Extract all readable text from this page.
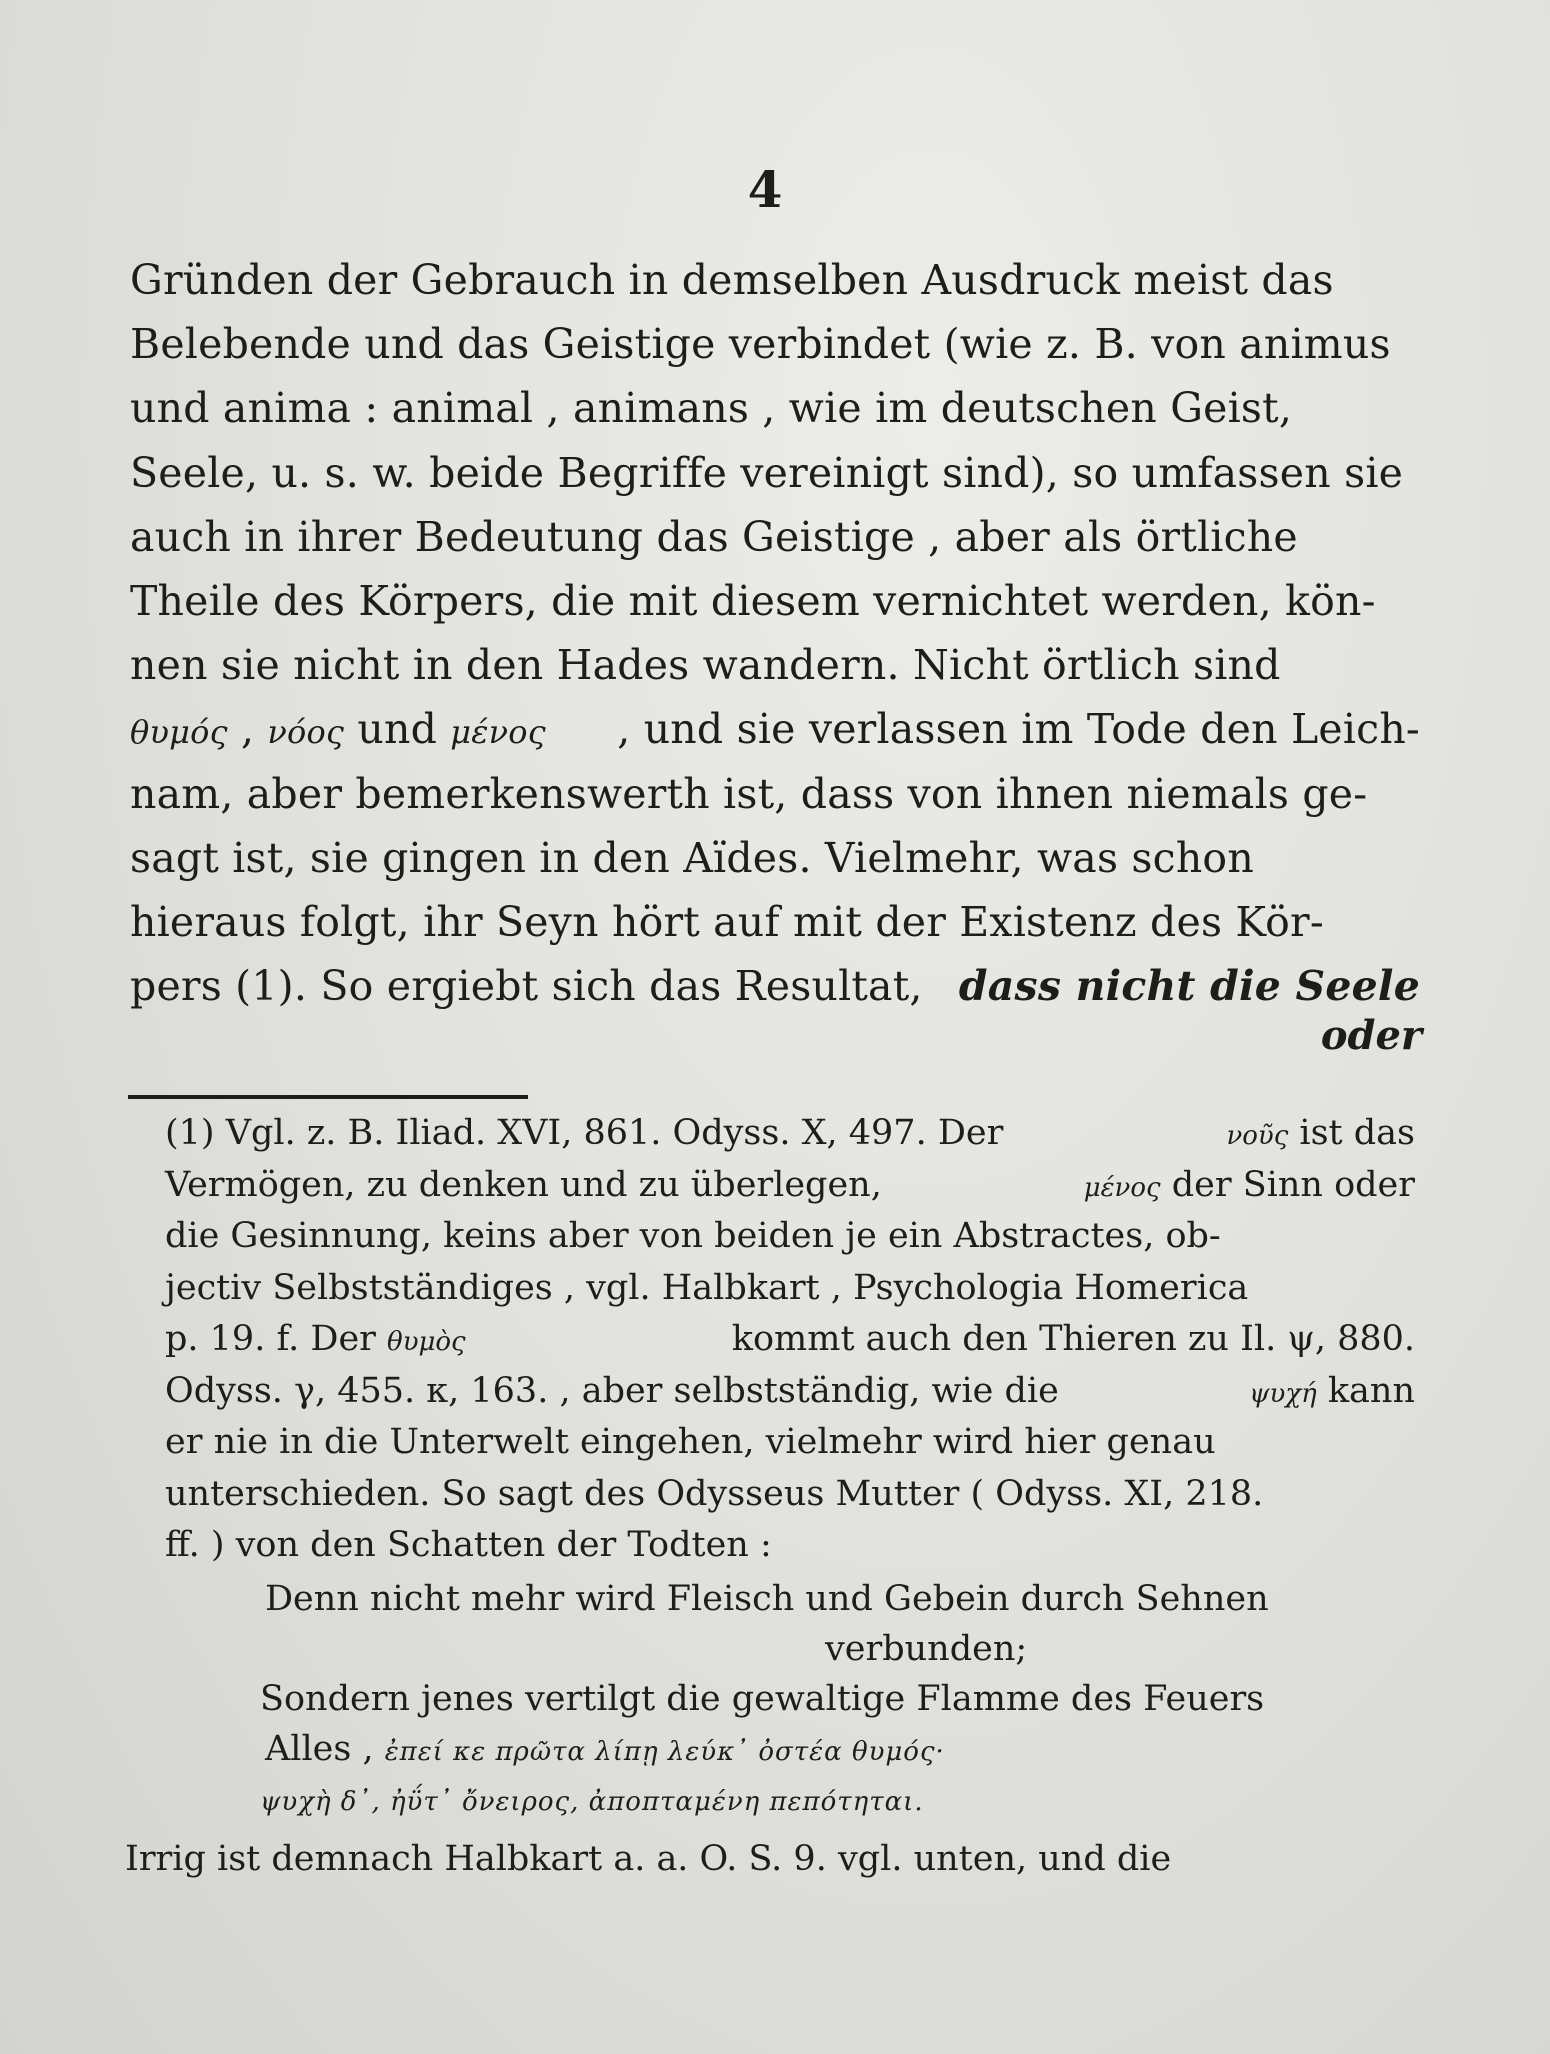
4
Gründen der Gebrauch in demselben Ausdruck meist das
Belebende und das Geistige verbindet (wie z. B. von animus
und anima : animal , animans , wie im deutschen Geist,
Seele, u. s. w. beide Begriffe vereinigt sind), so umfassen sie
auch in ihrer Bedeutung das Geistige , aber als örtliche
Theile des Körpers, die mit diesem vernichtet werden, kön-
nen sie nicht in den Hades wandern. Nicht örtlich sind
θυμός , νόος und μένος , und sie verlassen im Tode den Leich-
nam, aber bemerkenswerth ist, dass von ihnen niemals ge-
sagt ist, sie gingen in den Aïdes. Vielmehr, was schon
hieraus folgt, ihr Seyn hört auf mit der Existenz des Kör-
pers (1). So ergiebt sich das Resultat, dass nicht die Seele
oder
(1) Vgl. z. B. Iliad. XVI, 861. Odyss. X, 497. Der	νοῦς ist das
Vermögen, zu denken und zu überlegen,	μένος der Sinn oder
die Gesinnung, keins aber von beiden je ein Abstractes, ob-
jectiv Selbstständiges , vgl. Halbkart , Psychologia Homerica
p. 19. f. Der θυμὸς	kommt auch den Thieren zu Il. ψ, 880.
Odyss. γ, 455. κ, 163. , aber selbstständig, wie die	ψυχή kann
er nie in die Unterwelt eingehen, vielmehr wird hier genau
unterschieden. So sagt des Odysseus Mutter ( Odyss. XI, 218.
ff. ) von den Schatten der Todten :
Denn nicht mehr wird Fleisch und Gebein durch Sehnen
verbunden;
Sondern jenes vertilgt die gewaltige Flamme des Feuers
Alles , ἐπεί κε πρῶτα λίπῃ λεύκ᾽ ὀστέα θυμός·
ψυχὴ δ᾽, ἠΰτ᾽ ὄνειρος, ἀποπταμένη πεπότηται.
Irrig ist demnach Halbkart a. a. O. S. 9. vgl. unten, und die
